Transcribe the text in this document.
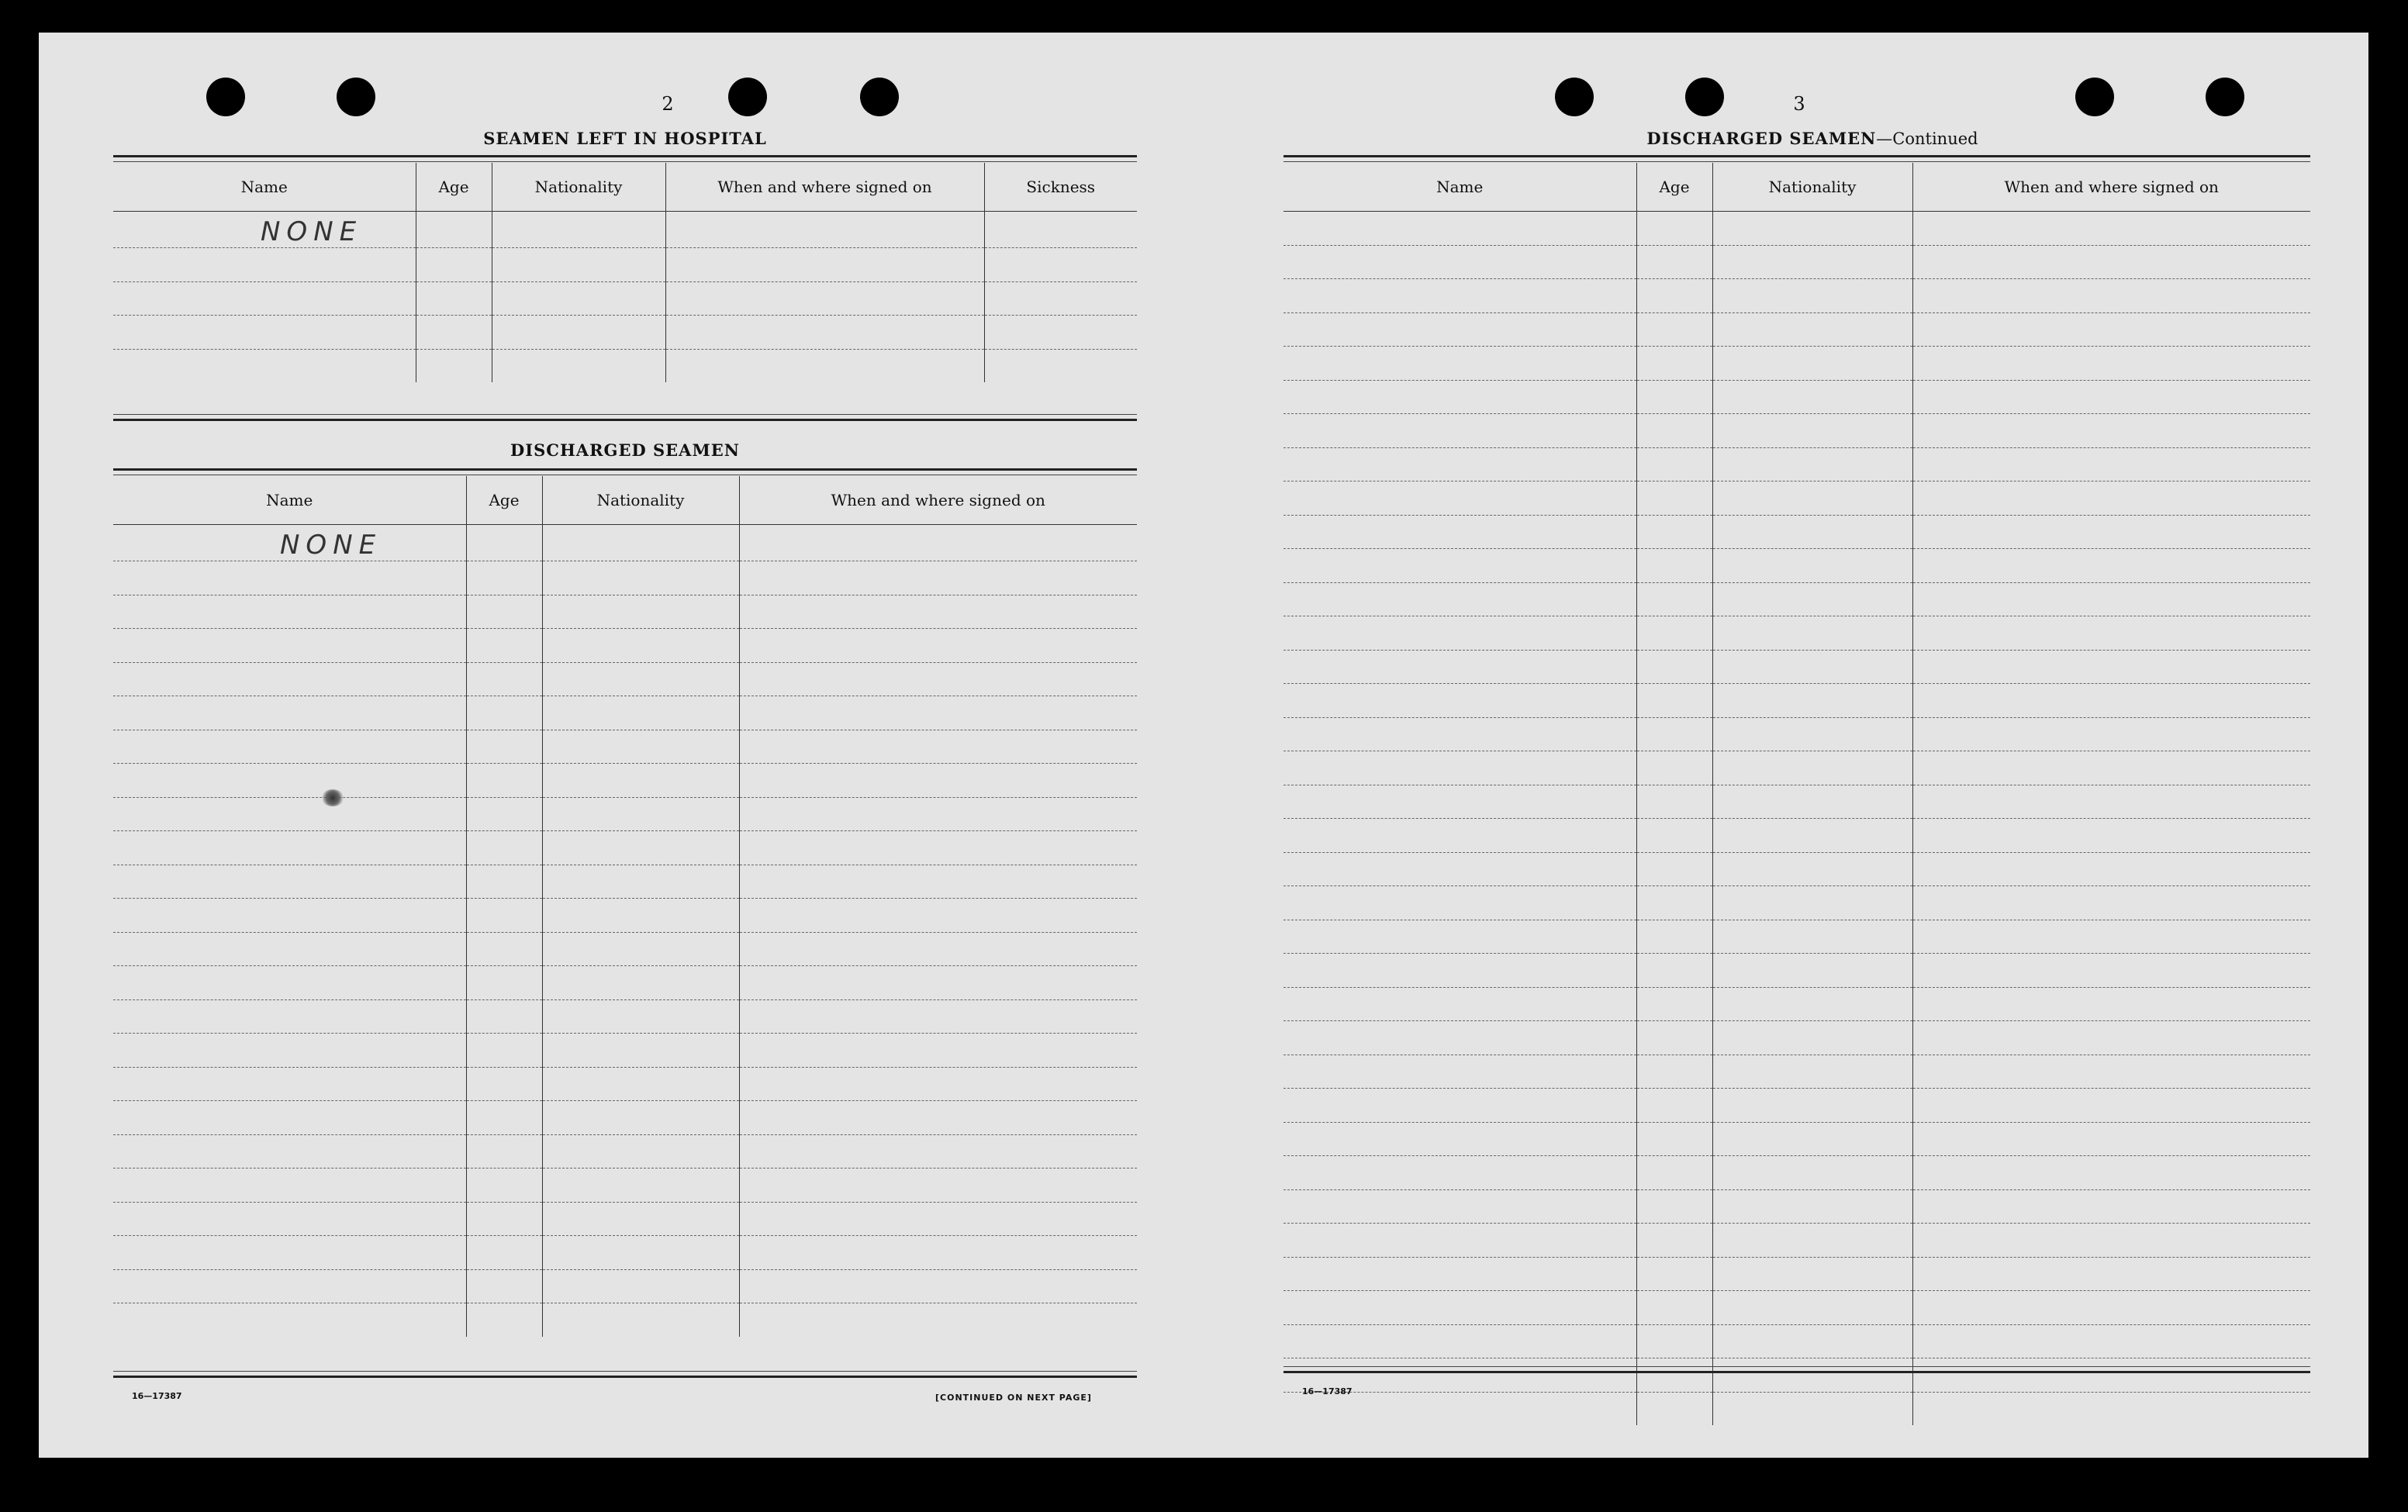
2
SEAMEN LEFT IN HOSPITAL
Name	Age	Nationality	When and where signed on	Sickness

NONE				

DISCHARGED SEAMEN
Name	Age	Nationality	When and where signed on

NONE			

16—17387	[CONTINUED ON NEXT PAGE]
3
DISCHARGED SEAMEN—Continued
Name	Age	Nationality	When and where signed on

16—17387
